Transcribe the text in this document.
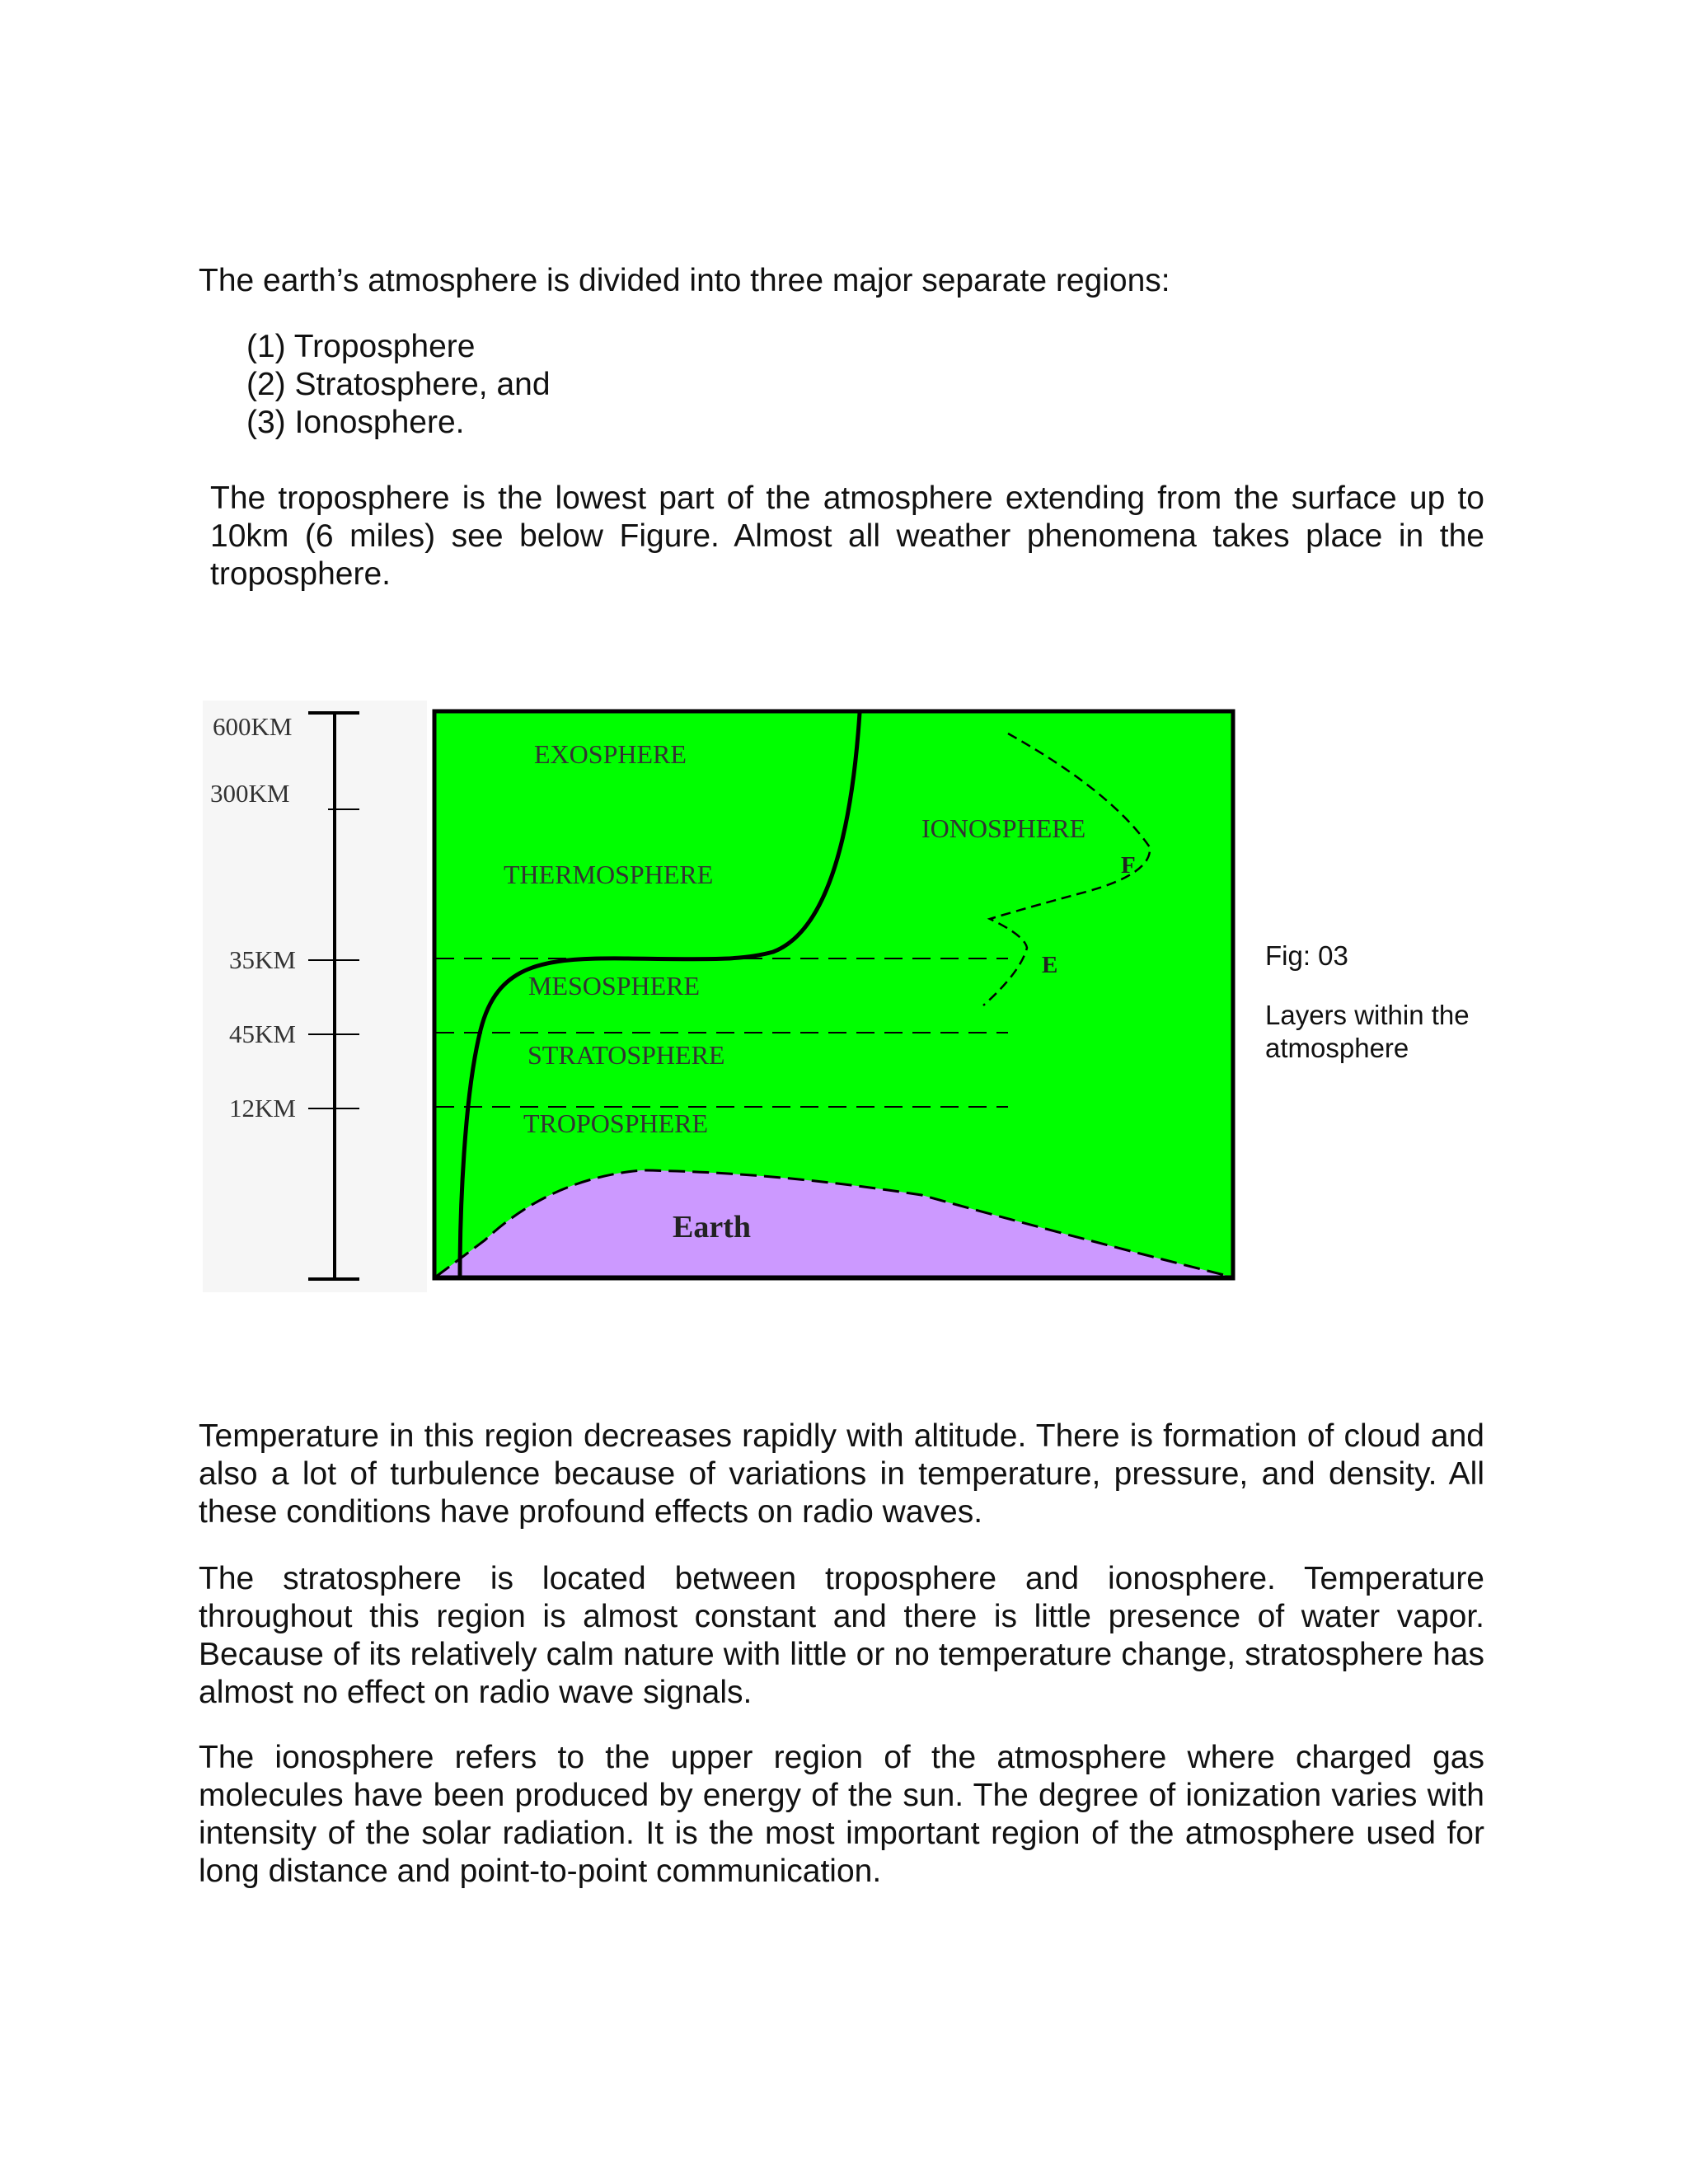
The earth’s atmosphere is divided into three major separate regions:

(1) Troposphere
(2) Stratosphere, and
(3) Ionosphere.

The troposphere is the lowest part of the atmosphere extending from the surface up to 10km (6 miles) see below Figure. Almost all weather phenomena takes place in the troposphere.

600KM
300KM
35KM
45KM
12KM
EXOSPHERE
THERMOSPHERE
IONOSPHERE
MESOSPHERE
STRATOSPHERE
TROPOSPHERE
F
E
Earth
Fig: 03
Layers within the atmosphere

Temperature in this region decreases rapidly with altitude. There is formation of cloud and also a lot of turbulence because of variations in temperature, pressure, and density. All these conditions have profound effects on radio waves.

The stratosphere is located between troposphere and ionosphere. Temperature throughout this region is almost constant and there is little presence of water vapor. Because of its relatively calm nature with little or no temperature change, stratosphere has almost no effect on radio wave signals.

The ionosphere refers to the upper region of the atmosphere where charged gas molecules have been produced by energy of the sun. The degree of ionization varies with intensity of the solar radiation. It is the most important region of the atmosphere used for long distance and point-to-point communication.
